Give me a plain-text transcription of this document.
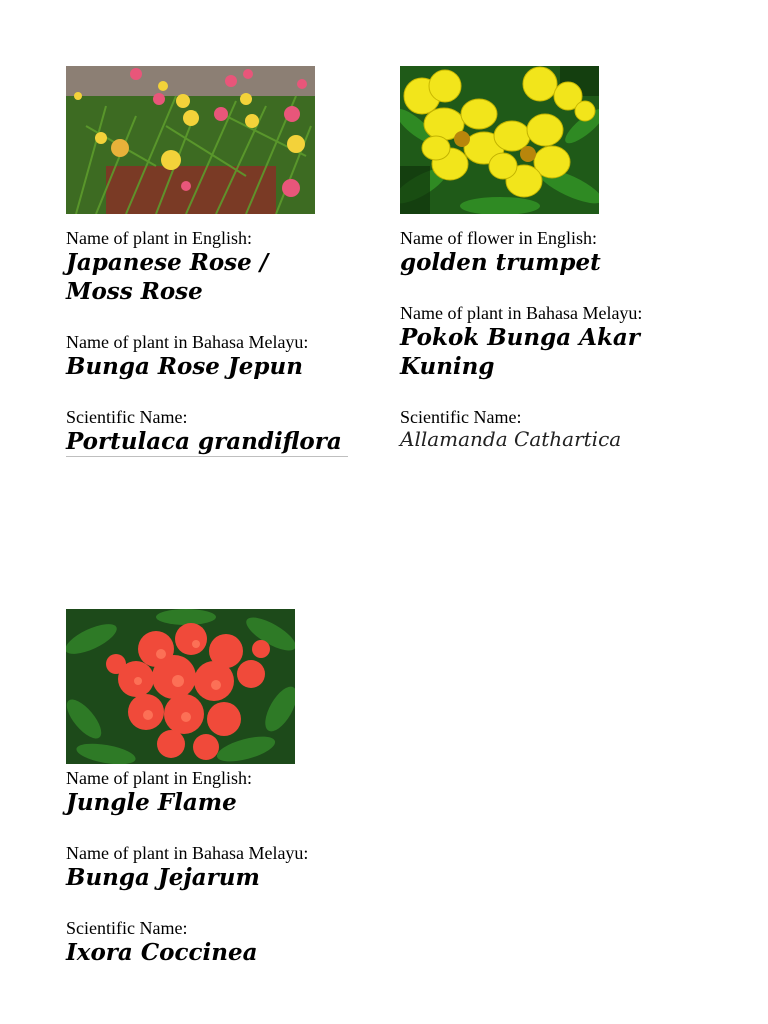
Name of plant in English:

Japanese Rose /
Moss Rose

Name of plant in Bahasa Melayu:

Bunga Rose Jepun

Scientific Name:

Portulaca grandiflora

Name of flower in English:

golden trumpet

Name of plant in Bahasa Melayu:

Pokok Bunga Akar
Kuning

Scientific Name:

Allamanda Cathartica

Name of plant in English:

Jungle Flame

Name of plant in Bahasa Melayu:

Bunga Jejarum

Scientific Name:

Ixora Coccinea
